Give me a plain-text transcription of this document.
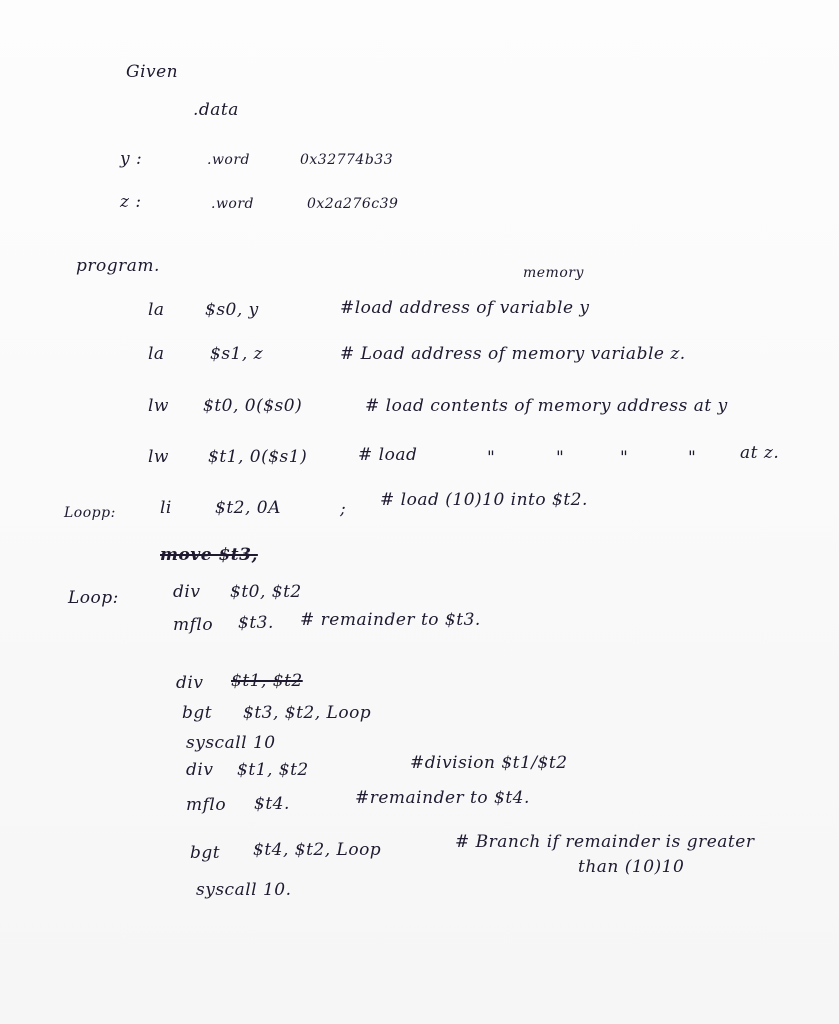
Given
.data
y :	.word	0x32774b33
z :	.word	0x2a276c39
program.	memory
la $s0, y	#load address of variable y
la	$s1, z	# Load address of memory variable z.
lw $t0, 0($s0)	# load contents of memory address at y
lw $t1, 0($s1)	# load	"	"	"	"	at z.
Loopp:	li	$t2, 0A	; # load (10)10 into $t2.
move $t3,
Loop:	div $t0, $t2
mflo $t3. # remainder to $t3.
div $t1, $t2
bgt $t3, $t2, Loop
syscall 10
div $t1, $t2	#division $t1/$t2
mflo $t4.	#remainder to $t4.
bgt $t4, $t2, Loop	# Branch if remainder is greater
than (10)10
syscall 10.
